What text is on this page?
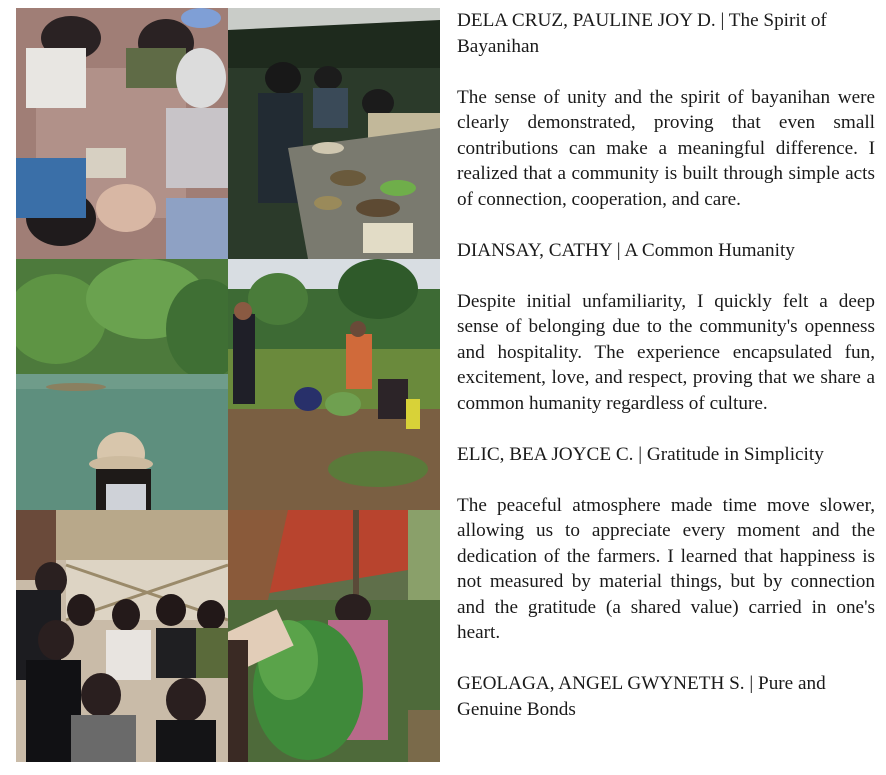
DELA CRUZ, PAULINE JOY D. | The Spirit of Bayanihan

The sense of unity and the spirit of bayanihan were clearly demonstrated, proving that even small contributions can make a meaningful difference. I realized that a community is built through simple acts of connection, cooperation, and care.

DIANSAY, CATHY | A Common Humanity

Despite initial unfamiliarity, I quickly felt a deep sense of belonging due to the community's openness and hospitality. The experience encapsulated fun, excitement, love, and respect, proving that we share a common humanity regardless of culture.

ELIC, BEA JOYCE C. | Gratitude in Simplicity

The peaceful atmosphere made time move slower, allowing us to appreciate every moment and the dedication of the farmers. I learned that happiness is not measured by material things, but by connection and the gratitude (a shared value) carried in one's heart.

GEOLAGA, ANGEL GWYNETH S. | Pure and Genuine Bonds
